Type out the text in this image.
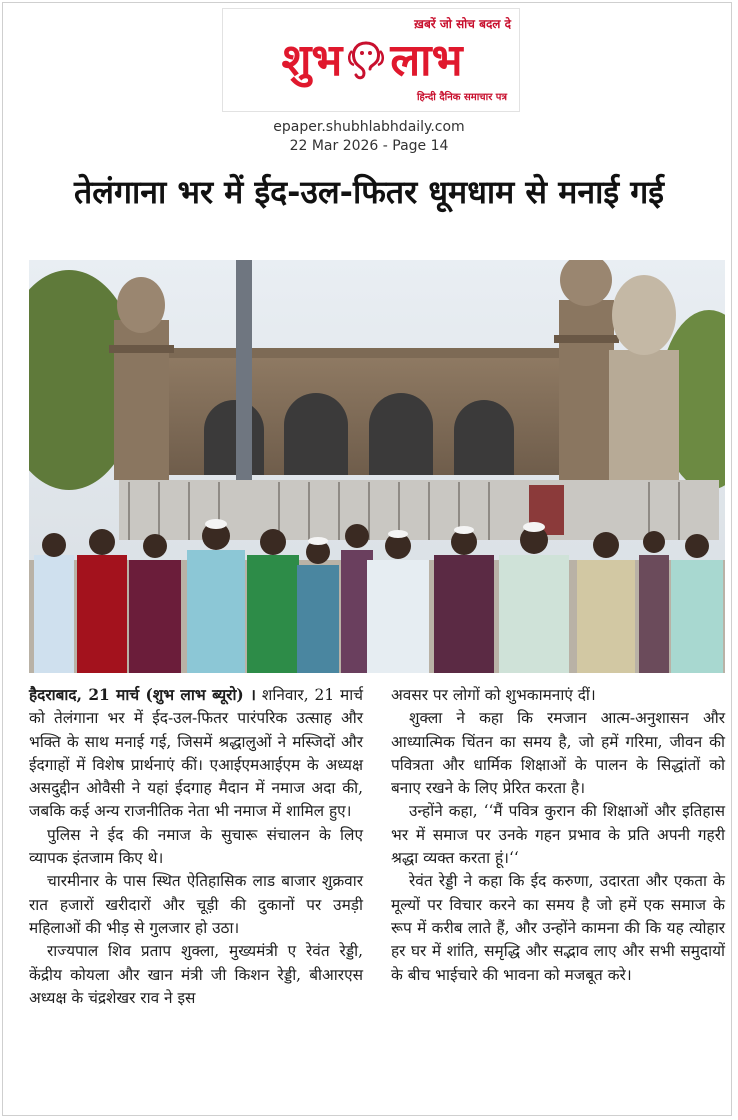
ख़बरें जो सोच बदल दे
शुभ लाभ
हिन्दी दैनिक समाचार पत्र
epaper.shubhlabhdaily.com
22 Mar 2026 - Page 14
तेलंगाना भर में ईद-उल-फितर धूमधाम से मनाई गई

हैदराबाद, 21 मार्च (शुभ लाभ ब्यूरो) । शनिवार, 21 मार्च को तेलंगाना भर में ईद-उल-फितर पारंपरिक उत्साह और भक्ति के साथ मनाई गई, जिसमें श्रद्धालुओं ने मस्जिदों और ईदगाहों में विशेष प्रार्थनाएं कीं। एआईएमआईएम के अध्यक्ष असदुद्दीन ओवैसी ने यहां ईदगाह मैदान में नमाज अदा की, जबकि कई अन्य राजनीतिक नेता भी नमाज में शामिल हुए।

पुलिस ने ईद की नमाज के सुचारू संचालन के लिए व्यापक इंतजाम किए थे।

चारमीनार के पास स्थित ऐतिहासिक लाड बाजार शुक्रवार रात हजारों खरीदारों और चूड़ी की दुकानों पर उमड़ी महिलाओं की भीड़ से गुलजार हो उठा।

राज्यपाल शिव प्रताप शुक्ला, मुख्यमंत्री ए रेवंत रेड्डी, केंद्रीय कोयला और खान मंत्री जी किशन रेड्डी, बीआरएस अध्यक्ष के चंद्रशेखर राव ने इस

अवसर पर लोगों को शुभकामनाएं दीं।

शुक्ला ने कहा कि रमजान आत्म-अनुशासन और आध्यात्मिक चिंतन का समय है, जो हमें गरिमा, जीवन की पवित्रता और धार्मिक शिक्षाओं के पालन के सिद्धांतों को बनाए रखने के लिए प्रेरित करता है।

उन्होंने कहा, ‘‘मैं पवित्र कुरान की शिक्षाओं और इतिहास भर में समाज पर उनके गहन प्रभाव के प्रति अपनी गहरी श्रद्धा व्यक्त करता हूं।‘‘

रेवंत रेड्डी ने कहा कि ईद करुणा, उदारता और एकता के मूल्यों पर विचार करने का समय है जो हमें एक समाज के रूप में करीब लाते हैं, और उन्होंने कामना की कि यह त्योहार हर घर में शांति, समृद्धि और सद्भाव लाए और सभी समुदायों के बीच भाईचारे की भावना को मजबूत करे।
